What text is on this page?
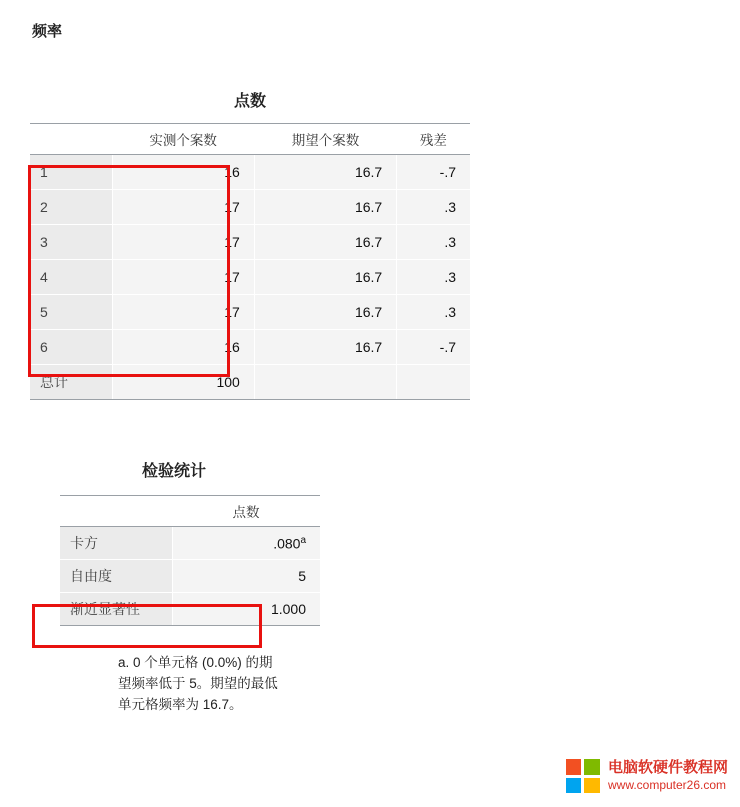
频率
点数
	实测个案数	期望个案数	残差
1	16	16.7	-.7
2	17	16.7	.3
3	17	16.7	.3
4	17	16.7	.3
5	17	16.7	.3
6	16	16.7	-.7
总计	100		
检验统计
	点数
卡方	.080$^a$
自由度	5
渐近显著性	1.000
a. 0 个单元格 (0.0%) 的期望频率低于 5。期望的最低单元格频率为 16.7。
电脑软硬件教程网
www.computer26.com
